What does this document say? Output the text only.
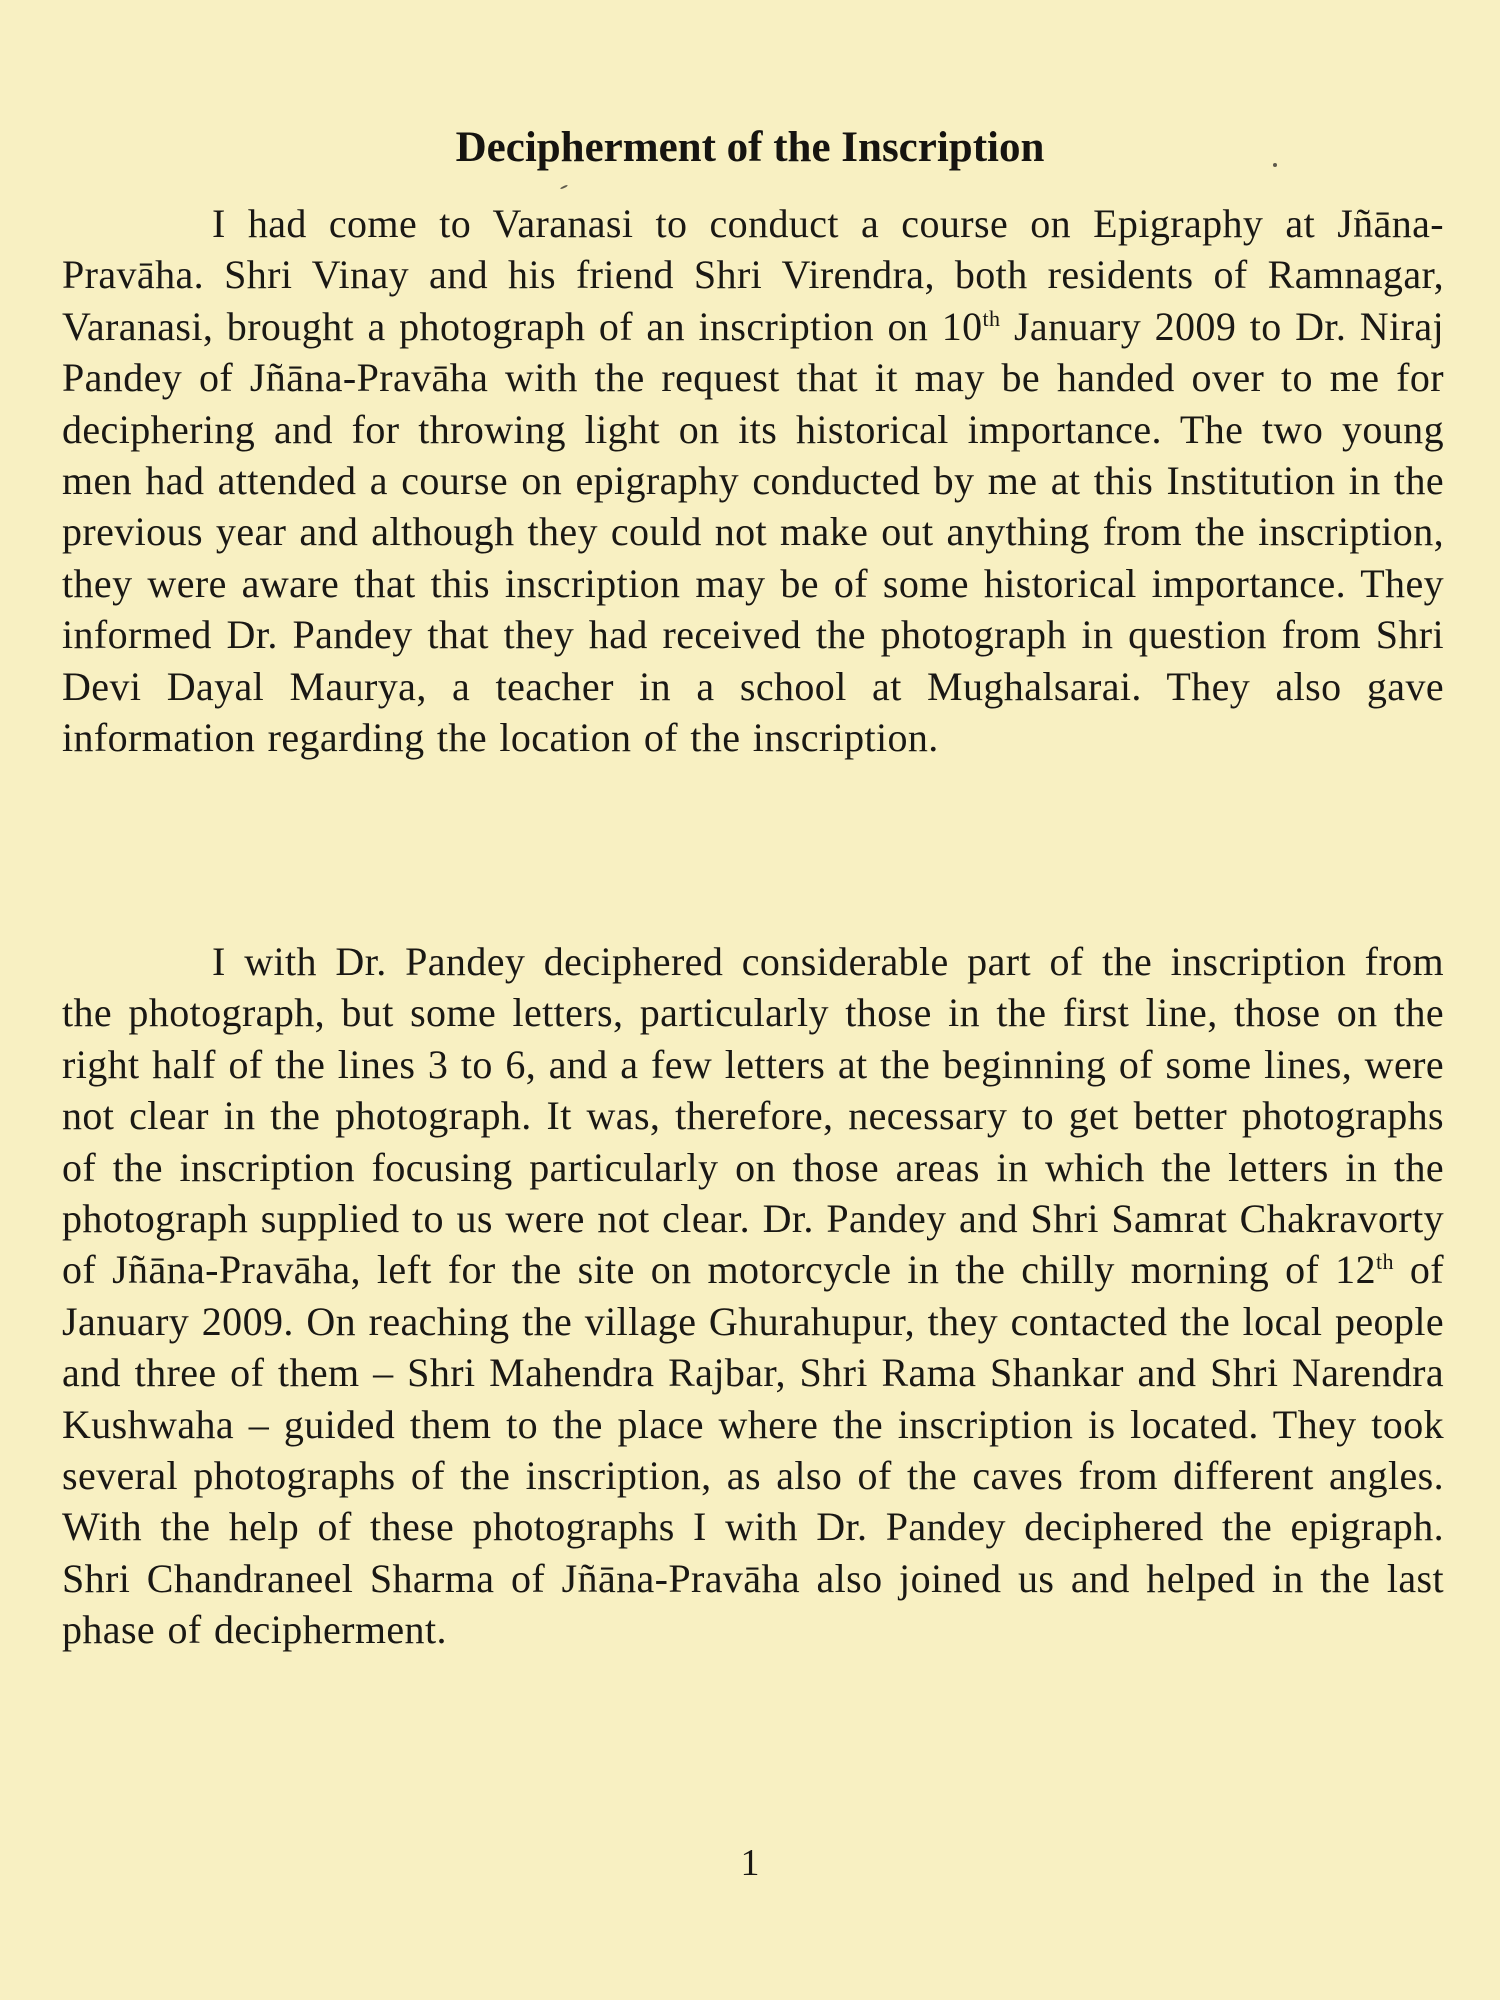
Decipherment of the Inscription

I had come to Varanasi to conduct a course on Epigraphy at Jñāna-Pravāha. Shri Vinay and his friend Shri Virendra, both residents of Ramnagar, Varanasi, brought a photograph of an inscription on 10th January 2009 to Dr. Niraj Pandey of Jñāna-Pravāha with the request that it may be handed over to me for deciphering and for throwing light on its historical importance. The two young men had attended a course on epigraphy conducted by me at this Institution in the previous year and although they could not make out anything from the inscription, they were aware that this inscription may be of some historical importance. They informed Dr. Pandey that they had received the photograph in question from Shri Devi Dayal Maurya, a teacher in a school at Mughalsarai. They also gave information regarding the location of the inscription.

I with Dr. Pandey deciphered considerable part of the inscription from the photograph, but some letters, particularly those in the first line, those on the right half of the lines 3 to 6, and a few letters at the beginning of some lines, were not clear in the photograph. It was, therefore, necessary to get better photographs of the inscription focusing particularly on those areas in which the letters in the photograph supplied to us were not clear. Dr. Pandey and Shri Samrat Chakravorty of Jñāna-Pravāha, left for the site on motorcycle in the chilly morning of 12th of January 2009. On reaching the village Ghurahupur, they contacted the local people and three of them – Shri Mahendra Rajbar, Shri Rama Shankar and Shri Narendra Kushwaha – guided them to the place where the inscription is located. They took several photographs of the inscription, as also of the caves from different angles. With the help of these photographs I with Dr. Pandey deciphered the epigraph. Shri Chandraneel Sharma of Jñāna-Pravāha also joined us and helped in the last phase of decipherment.

1
